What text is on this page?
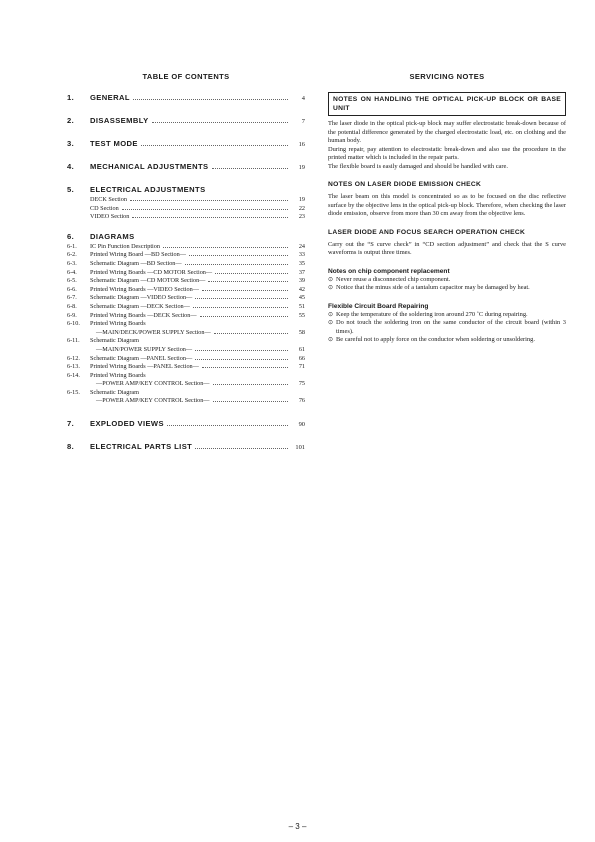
TABLE OF CONTENTS
1.	GENERAL	4
2.	DISASSEMBLY	7
3.	TEST MODE	16
4.	MECHANICAL ADJUSTMENTS	19
5.	ELECTRICAL ADJUSTMENTS
DECK Section	19
CD Section	22
VIDEO Section	23
6.	DIAGRAMS
6-1.	IC Pin Function Description	24
6-2.	Printed Wiring Board —BD Section—	33
6-3.	Schematic Diagram —BD Section—	35
6-4.	Printed Wiring Boards —CD MOTOR Section—	37
6-5.	Schematic Diagram —CD MOTOR Section—	39
6-6.	Printed Wiring Boards —VIDEO Section—	42
6-7.	Schematic Diagram —VIDEO Section—	45
6-8.	Schematic Diagram —DECK Section—	51
6-9.	Printed Wiring Boards —DECK Section—	55
6-10.	Printed Wiring Boards
—MAIN/DECK/POWER SUPPLY Section—	58
6-11.	Schematic Diagram
—MAIN/POWER SUPPLY Section—	61
6-12.	Schematic Diagram —PANEL Section—	66
6-13.	Printed Wiring Boards —PANEL Section—	71
6-14.	Printed Wiring Boards
—POWER AMP/KEY CONTROL Section—	75
6-15.	Schematic Diagram
—POWER AMP/KEY CONTROL Section—	76
7.	EXPLODED VIEWS	90
8.	ELECTRICAL PARTS LIST	101
SERVICING NOTES
NOTES ON HANDLING THE OPTICAL PICK-UP BLOCK OR BASE UNIT

The laser diode in the optical pick-up block may suffer electrostatic break-down because of the potential difference generated by the charged electrostatic load, etc. on clothing and the human body.

During repair, pay attention to electrostatic break-down and also use the procedure in the printed matter which is included in the repair parts.

The flexible board is easily damaged and should be handled with care.

NOTES ON LASER DIODE EMISSION CHECK

The laser beam on this model is concentrated so as to be focused on the disc reflective surface by the objective lens in the optical pick-up block. Therefore, when checking the laser diode emission, observe from more than 30 cm away from the objective lens.

LASER DIODE AND FOCUS SEARCH OPERATION CHECK

Carry out the “S curve check” in “CD section adjustment” and check that the S curve waveforms is output three times.

Notes on chip component replacement
⊙ Never reuse a disconnected chip component.
⊙ Notice that the minus side of a tantalum capacitor may be damaged by heat.
Flexible Circuit Board Repairing
⊙ Keep the temperature of the soldering iron around 270 ˚C during repairing.
⊙ Do not touch the soldering iron on the same conductor of the circuit board (within 3 times).
⊙ Be careful not to apply force on the conductor when soldering or unsoldering.
– 3 –
